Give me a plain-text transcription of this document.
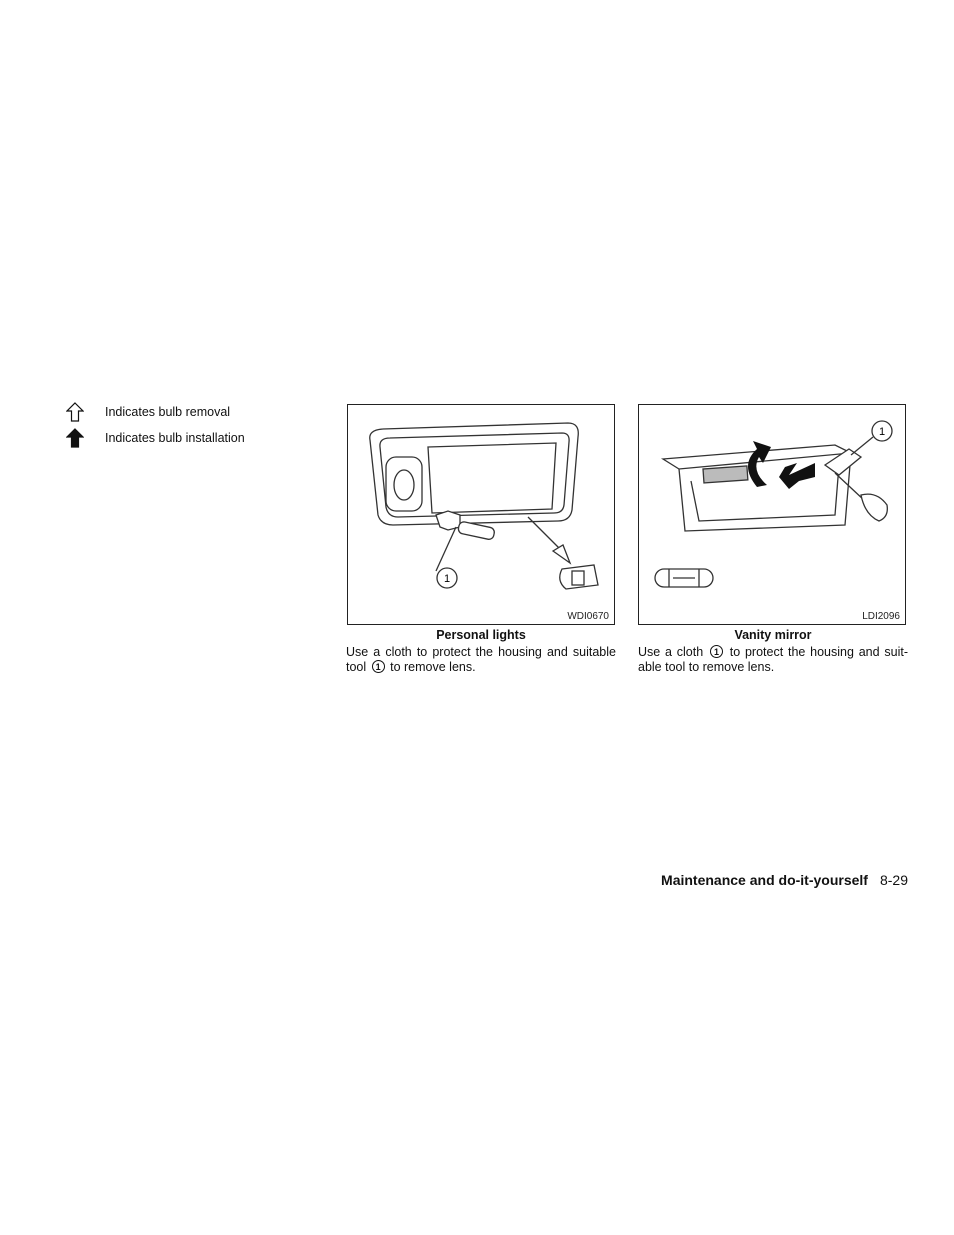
Indicates bulb removal
Indicates bulb installation
1
WDI0670
Personal lights
Use a cloth to protect the housing and suitable tool 1 to remove lens.
1
LDI2096
Vanity mirror
Use a cloth 1 to protect the housing and suit-able tool to remove lens.
Maintenance and do-it-yourself 8-29
